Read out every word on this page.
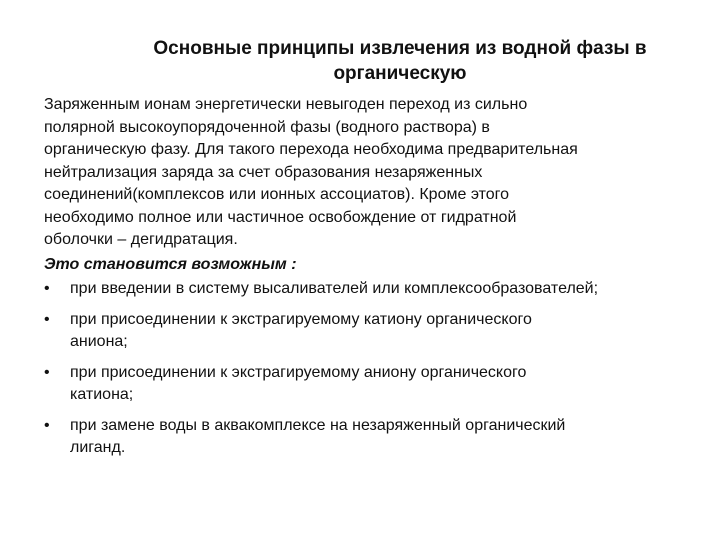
Основные принципы извлечения из водной фазы в
органическую

Заряженным ионам энергетически невыгоден переход из сильно
полярной высокоупорядоченной фазы (водного раствора) в
органическую фазу. Для такого перехода необходима предварительная
нейтрализация заряда за счет образования незаряженных
соединений(комплексов или ионных ассоциатов). Кроме этого
необходимо полное или частичное освобождение от гидратной
оболочки – дегидратация.

Это становится возможным :

• при введении в систему высаливателей или комплексообразователей;
• при присоединении к экстрагируемому катиону органического
аниона;
• при присоединении к экстрагируемому аниону органического
катиона;
• при замене воды в аквакомплексе на незаряженный органический
лиганд.
